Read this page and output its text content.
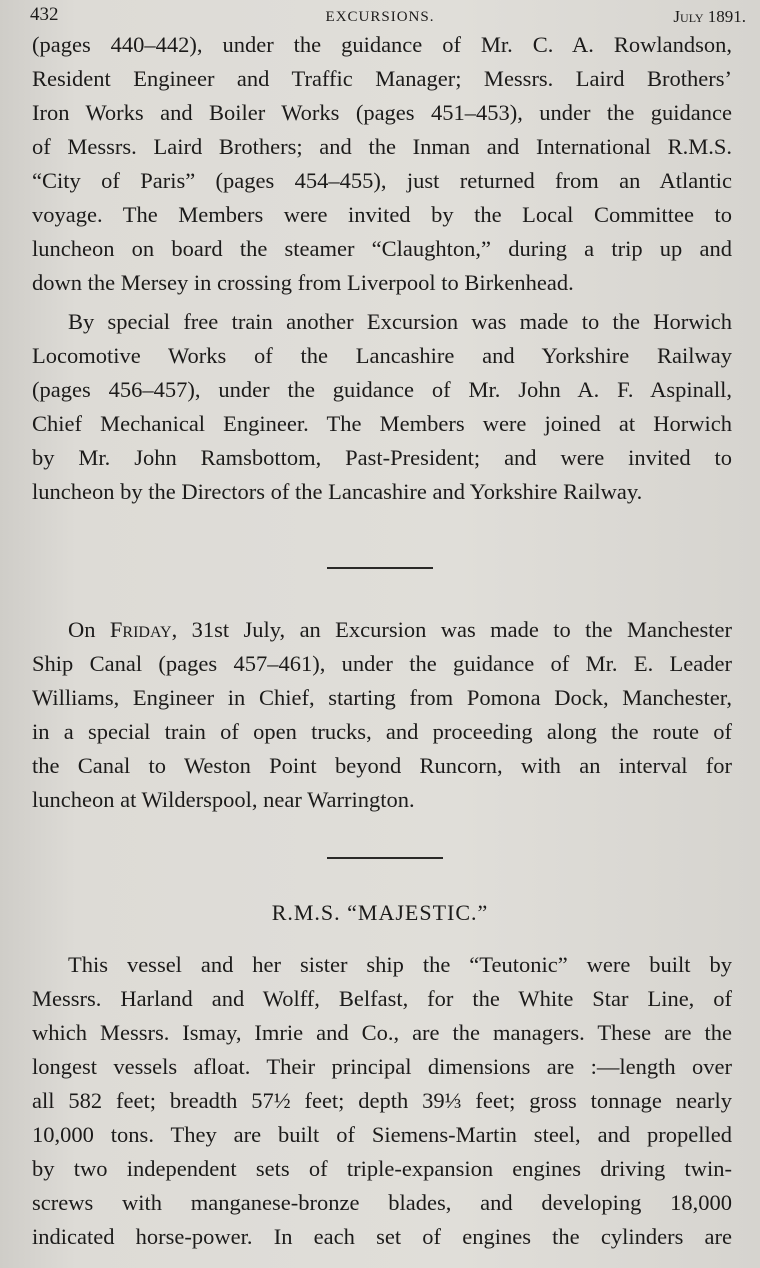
432	EXCURSIONS.	July 1891.
(pages 440–442), under the guidance of Mr. C. A. Rowlandson,
Resident Engineer and Traffic Manager; Messrs. Laird Brothers’
Iron Works and Boiler Works (pages 451–453), under the guidance
of Messrs. Laird Brothers; and the Inman and International R.M.S.
“City of Paris” (pages 454–455), just returned from an Atlantic
voyage. The Members were invited by the Local Committee to
luncheon on board the steamer “Claughton,” during a trip up and
down the Mersey in crossing from Liverpool to Birkenhead.
By special free train another Excursion was made to the Horwich
Locomotive Works of the Lancashire and Yorkshire Railway
(pages 456–457), under the guidance of Mr. John A. F. Aspinall,
Chief Mechanical Engineer. The Members were joined at Horwich
by Mr. John Ramsbottom, Past-President; and were invited to
luncheon by the Directors of the Lancashire and Yorkshire Railway.
On Friday, 31st July, an Excursion was made to the Manchester
Ship Canal (pages 457–461), under the guidance of Mr. E. Leader
Williams, Engineer in Chief, starting from Pomona Dock, Manchester,
in a special train of open trucks, and proceeding along the route of
the Canal to Weston Point beyond Runcorn, with an interval for
luncheon at Wilderspool, near Warrington.
This vessel and her sister ship the “Teutonic” were built by
Messrs. Harland and Wolff, Belfast, for the White Star Line, of
which Messrs. Ismay, Imrie and Co., are the managers. These are the
longest vessels afloat. Their principal dimensions are :—length over
all 582 feet; breadth 57½ feet; depth 39⅓ feet; gross tonnage nearly
10,000 tons. They are built of Siemens-Martin steel, and propelled
by two independent sets of triple-expansion engines driving twin-
screws with manganese-bronze blades, and developing 18,000
indicated horse-power. In each set of engines the cylinders are
R.M.S. “MAJESTIC.”
